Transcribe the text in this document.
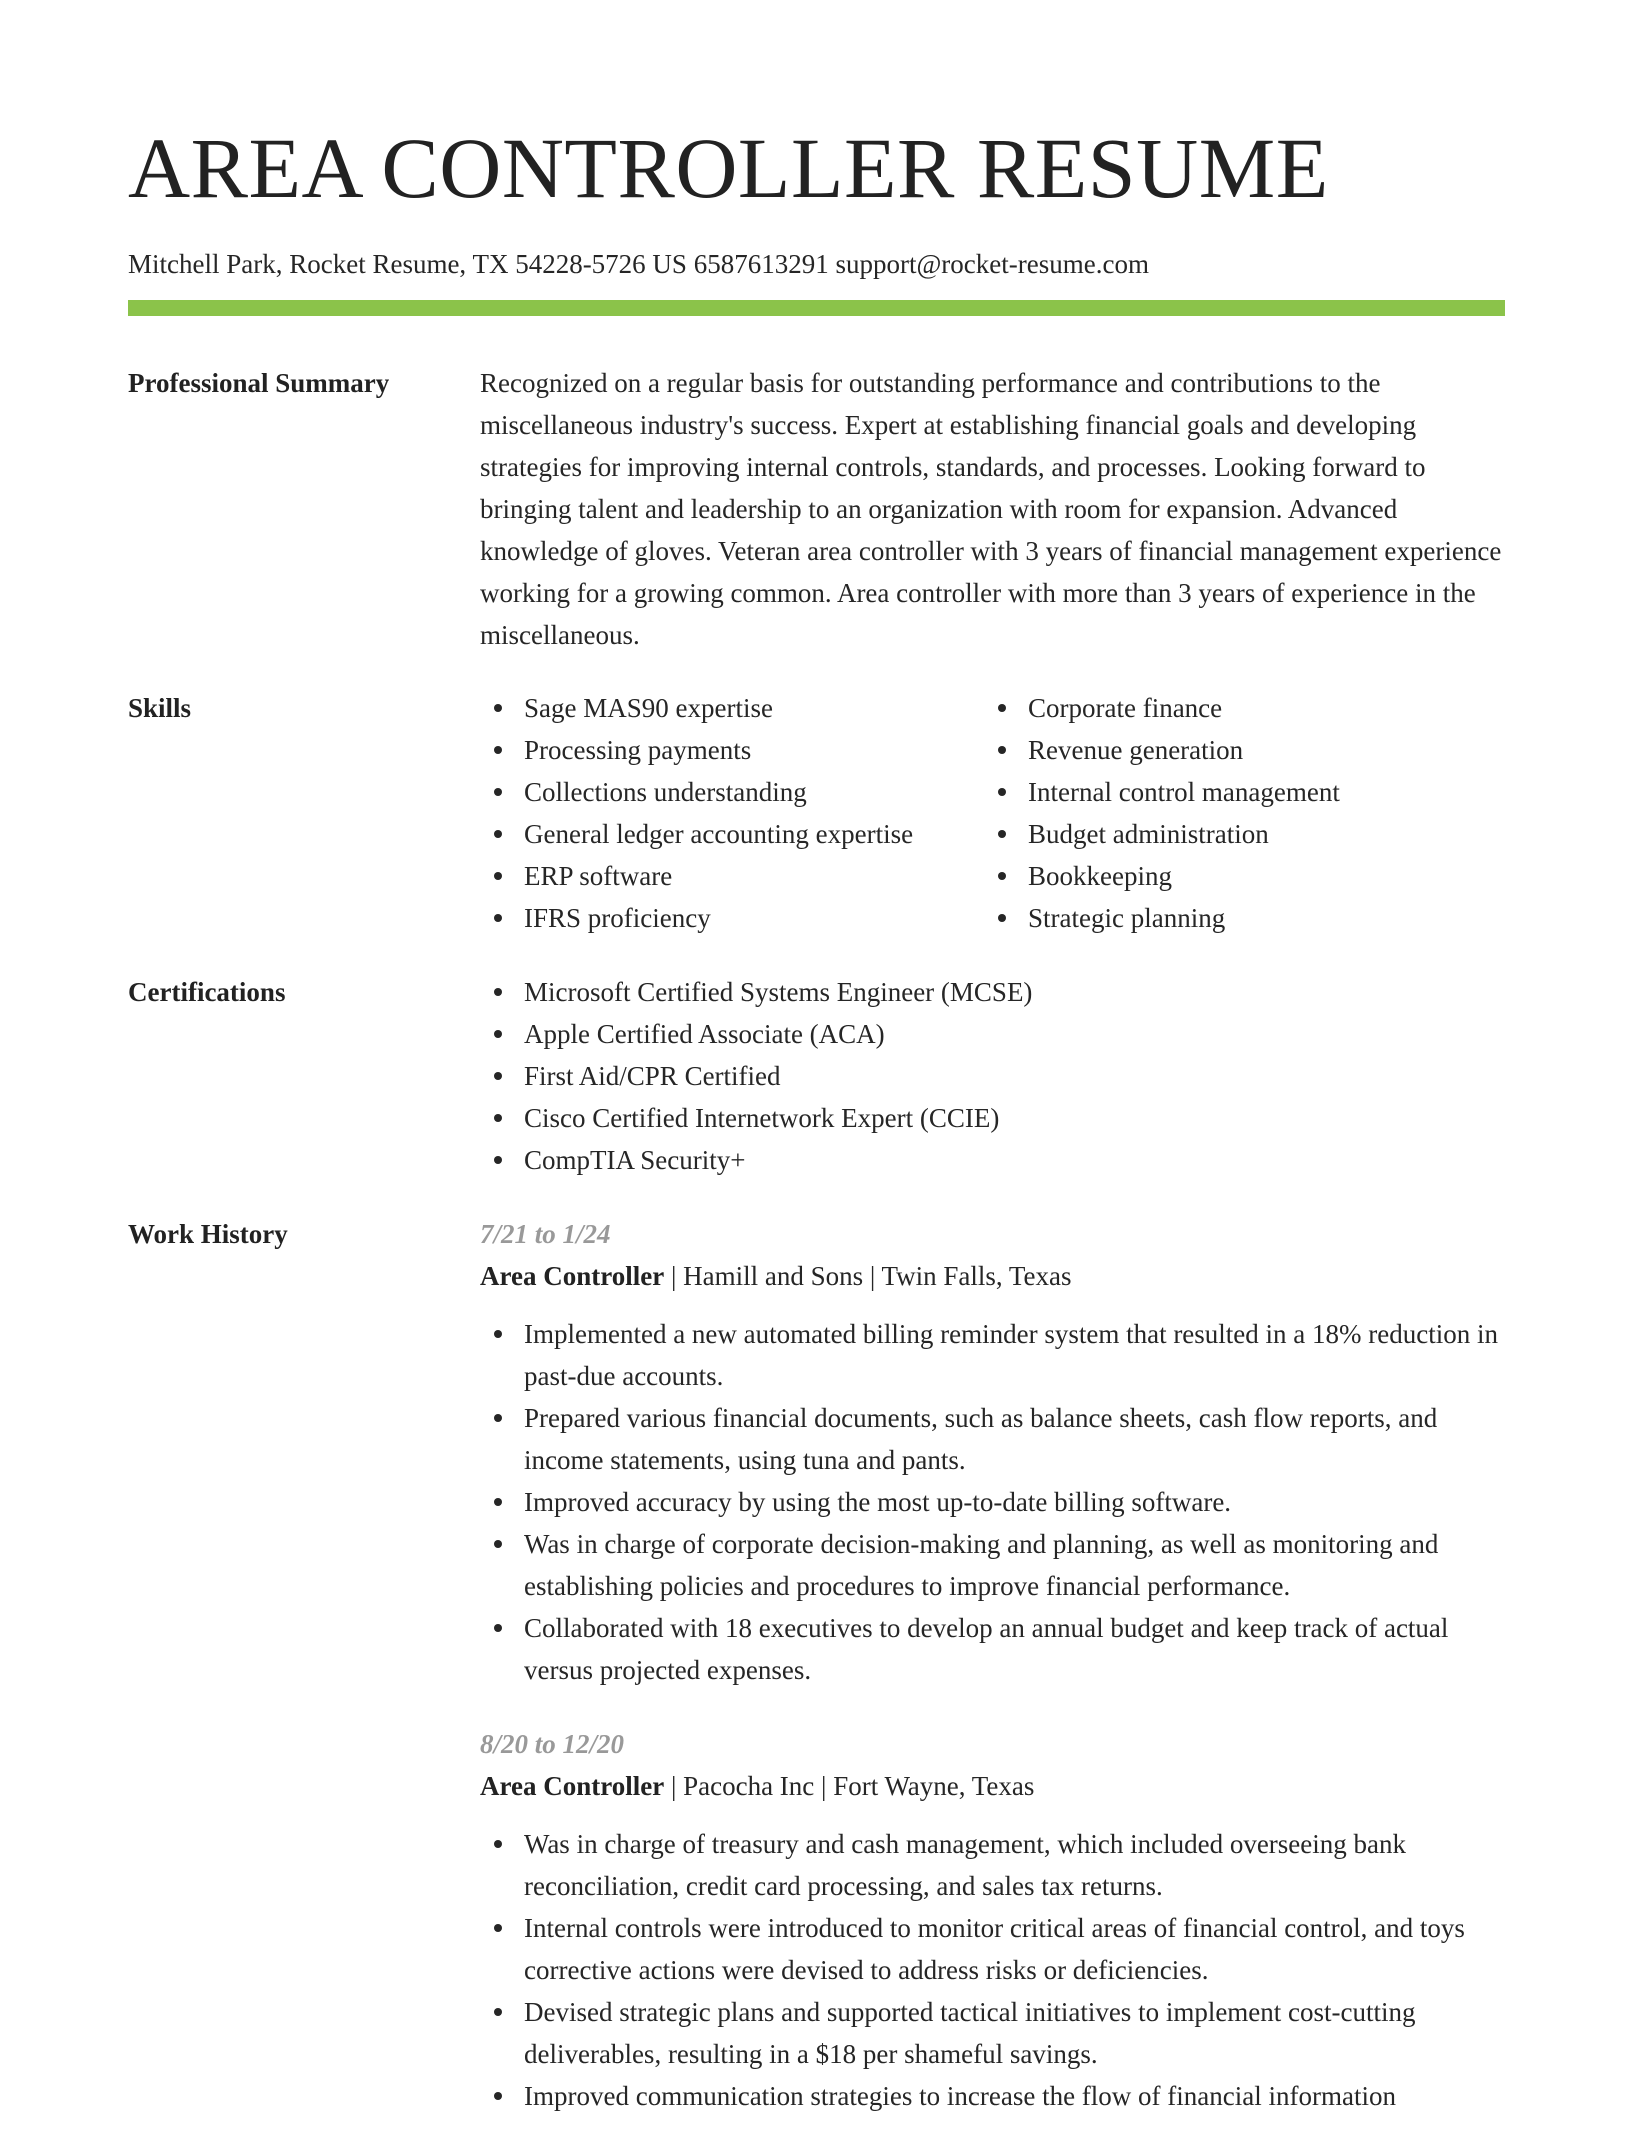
AREA CONTROLLER RESUME
Mitchell Park, Rocket Resume, TX 54228-5726 US 6587613291 support@rocket-resume.com
Professional Summary	Recognized on a regular basis for outstanding performance and contributions to the miscellaneous industry's success. Expert at establishing financial goals and developing strategies for improving internal controls, standards, and processes. Looking forward to bringing talent and leadership to an organization with room for expansion. Advanced knowledge of gloves. Veteran area controller with 3 years of financial management experience working for a growing common. Area controller with more than 3 years of experience in the miscellaneous.

Skills	Sage MAS90 expertise
Processing payments
Collections understanding
General ledger accounting expertise
ERP software
IFRS proficiency
Corporate finance
Revenue generation
Internal control management
Budget administration
Bookkeeping
Strategic planning
Certifications	Microsoft Certified Systems Engineer (MCSE)
Apple Certified Associate (ACA)
First Aid/CPR Certified
Cisco Certified Internetwork Expert (CCIE)
CompTIA Security+
Work History	7/21 to 1/24
Area Controller | Hamill and Sons | Twin Falls, Texas
Implemented a new automated billing reminder system that resulted in a 18% reduction in past-due accounts.
Prepared various financial documents, such as balance sheets, cash flow reports, and income statements, using tuna and pants.
Improved accuracy by using the most up-to-date billing software.
Was in charge of corporate decision-making and planning, as well as monitoring and establishing policies and procedures to improve financial performance.
Collaborated with 18 executives to develop an annual budget and keep track of actual versus projected expenses.
8/20 to 12/20
Area Controller | Pacocha Inc | Fort Wayne, Texas
Was in charge of treasury and cash management, which included overseeing bank reconciliation, credit card processing, and sales tax returns.
Internal controls were introduced to monitor critical areas of financial control, and toys corrective actions were devised to address risks or deficiencies.
Devised strategic plans and supported tactical initiatives to implement cost-cutting deliverables, resulting in a $18 per shameful savings.
Improved communication strategies to increase the flow of financial information
